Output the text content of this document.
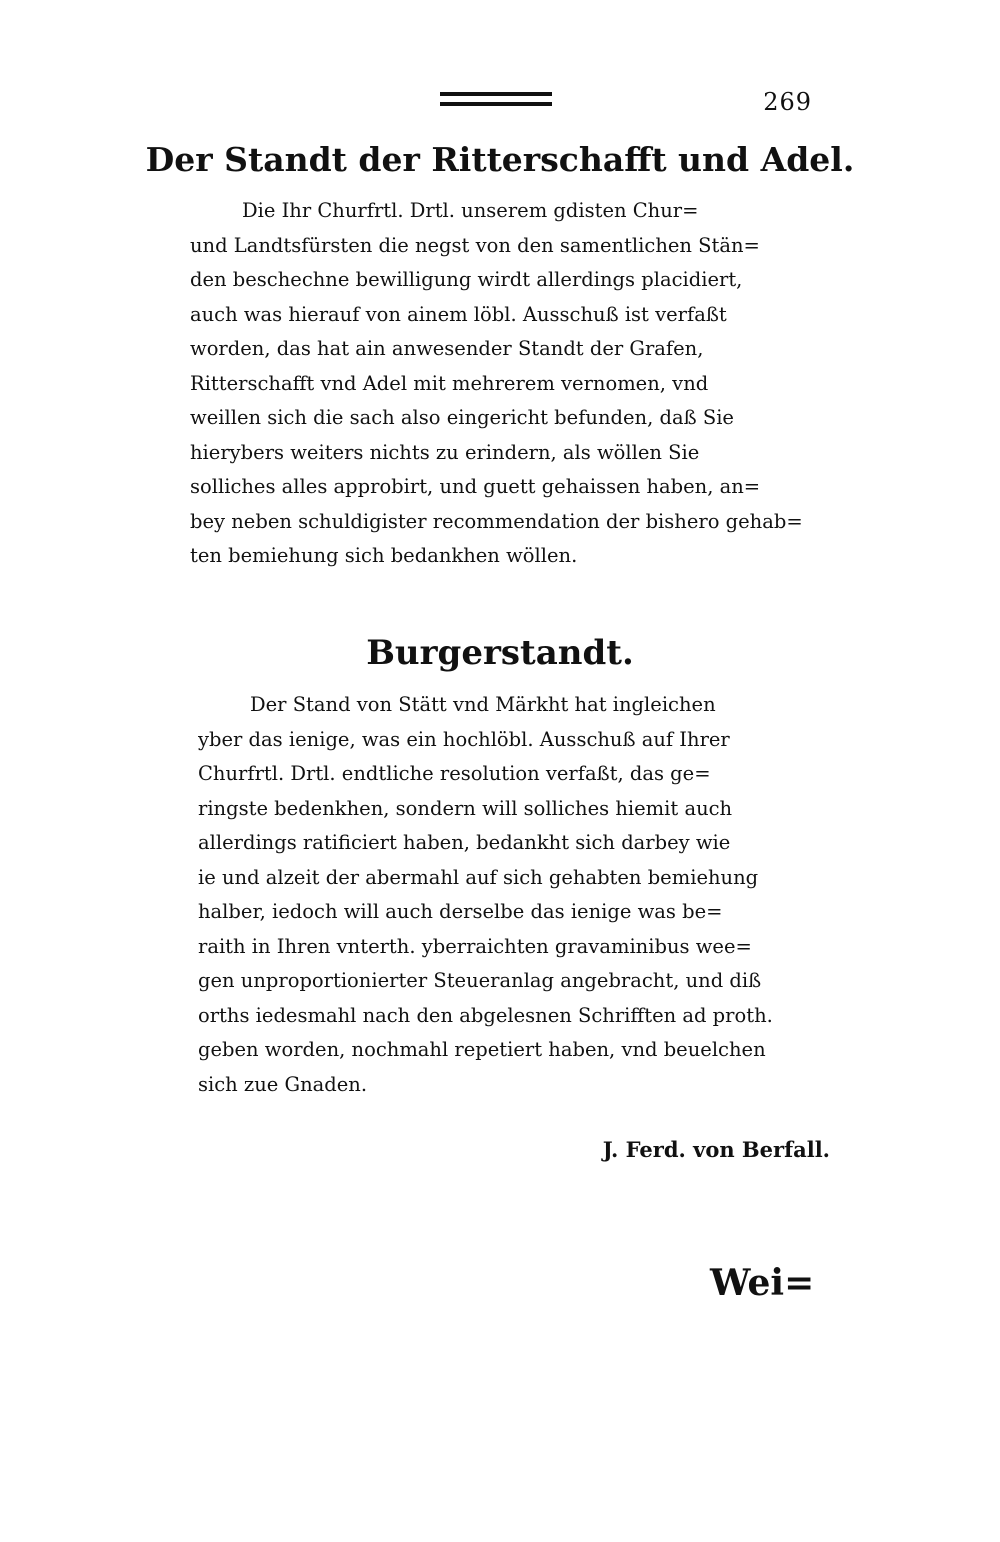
269
Der Standt der Ritterschafft und Adel.
Die Ihr Churfrtl. Drtl. unserem gdisten Chur=
und Landtsfürsten die negst von den samentlichen Stän=
den beschechne bewilligung wirdt allerdings placidiert,
auch was hierauf von ainem löbl. Ausschuß ist verfaßt
worden, das hat ain anwesender Standt der Grafen,
Ritterschafft vnd Adel mit mehrerem vernomen, vnd
weillen sich die sach also eingericht befunden, daß Sie
hierybers weiters nichts zu erindern, als wöllen Sie
solliches alles approbirt, und guett gehaissen haben, an=
bey neben schuldigister recommendation der bishero gehab=
ten bemiehung sich bedankhen wöllen.
Burgerstandt.
Der Stand von Stätt vnd Märkht hat ingleichen
yber das ienige, was ein hochlöbl. Ausschuß auf Ihrer
Churfrtl. Drtl. endtliche resolution verfaßt, das ge=
ringste bedenkhen, sondern will solliches hiemit auch
allerdings ratificiert haben, bedankht sich darbey wie
ie und alzeit der abermahl auf sich gehabten bemiehung
halber, iedoch will auch derselbe das ienige was be=
raith in Ihren vnterth. yberraichten gravaminibus wee=
gen unproportionierter Steueranlag angebracht, und diß
orths iedesmahl nach den abgelesnen Schrifften ad proth.
geben worden, nochmahl repetiert haben, vnd beuelchen
sich zue Gnaden.
J. Ferd. von Berfall.
Wei=
